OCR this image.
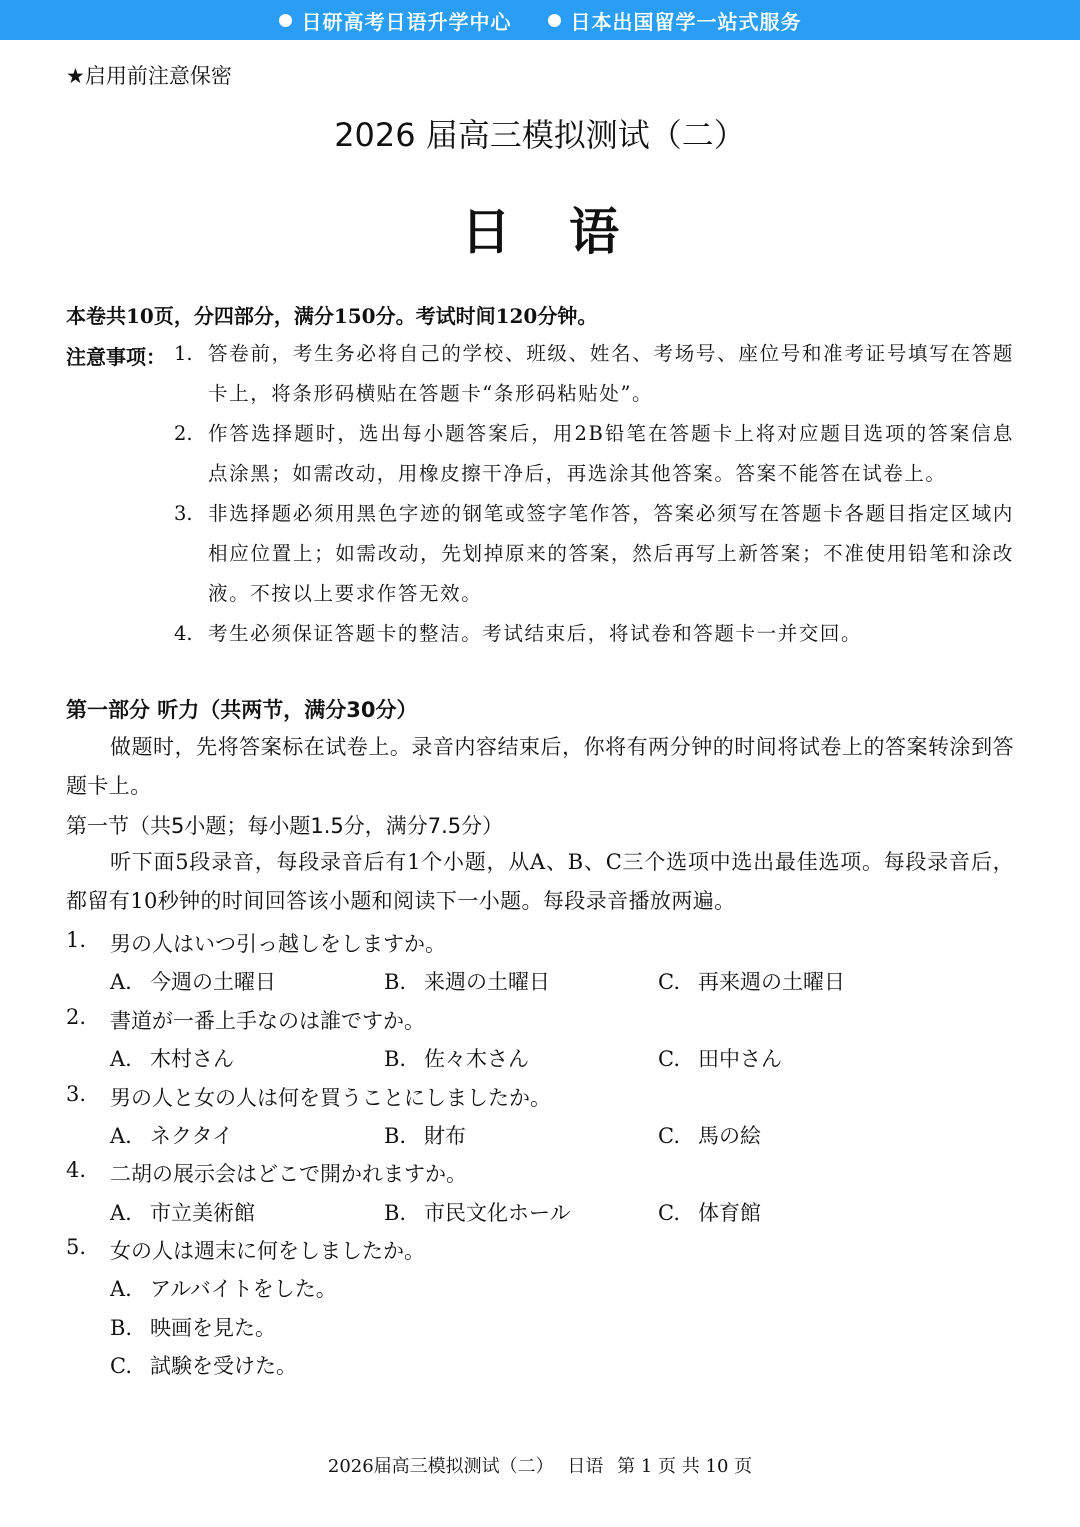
日研高考日语升学中心	日本出国留学一站式服务
★启用前注意保密
2026 届高三模拟测试（二）
日语
本卷共10页，分四部分，满分150分。考试时间120分钟。
注意事项： 1. 答卷前，考生务必将自己的学校、班级、姓名、考场号、座位号和准考证号填写在答题卡上，将条形码横贴在答题卡“条形码粘贴处”。
2. 作答选择题时，选出每小题答案后，用2B铅笔在答题卡上将对应题目选项的答案信息点涂黑；如需改动，用橡皮擦干净后，再选涂其他答案。答案不能答在试卷上。
3. 非选择题必须用黑色字迹的钢笔或签字笔作答，答案必须写在答题卡各题目指定区域内相应位置上；如需改动，先划掉原来的答案，然后再写上新答案；不准使用铅笔和涂改液。不按以上要求作答无效。
4. 考生必须保证答题卡的整洁。考试结束后，将试卷和答题卡一并交回。
第一部分 听力（共两节，满分30分）
做题时，先将答案标在试卷上。录音内容结束后，你将有两分钟的时间将试卷上的答案转涂到答题卡上。
第一节（共5小题；每小题1.5分，满分7.5分）
听下面5段录音，每段录音后有1个小题，从A、B、C三个选项中选出最佳选项。每段录音后，都留有10秒钟的时间回答该小题和阅读下一小题。每段录音播放两遍。
1. 男の人はいつ引っ越しをしますか。
A. 今週の土曜日	B. 来週の土曜日	C. 再来週の土曜日
2. 書道が一番上手なのは誰ですか。
A. 木村さん	B. 佐々木さん	C. 田中さん
3. 男の人と女の人は何を買うことにしましたか。
A. ネクタイ	B. 財布	C. 馬の絵
4. 二胡の展示会はどこで開かれますか。
A. 市立美術館	B. 市民文化ホール	C. 体育館
5. 女の人は週末に何をしましたか。
A. アルバイトをした。
B. 映画を見た。
C. 試験を受けた。
2026届高三模拟测试（二） 日语 第 1 页 共 10 页
